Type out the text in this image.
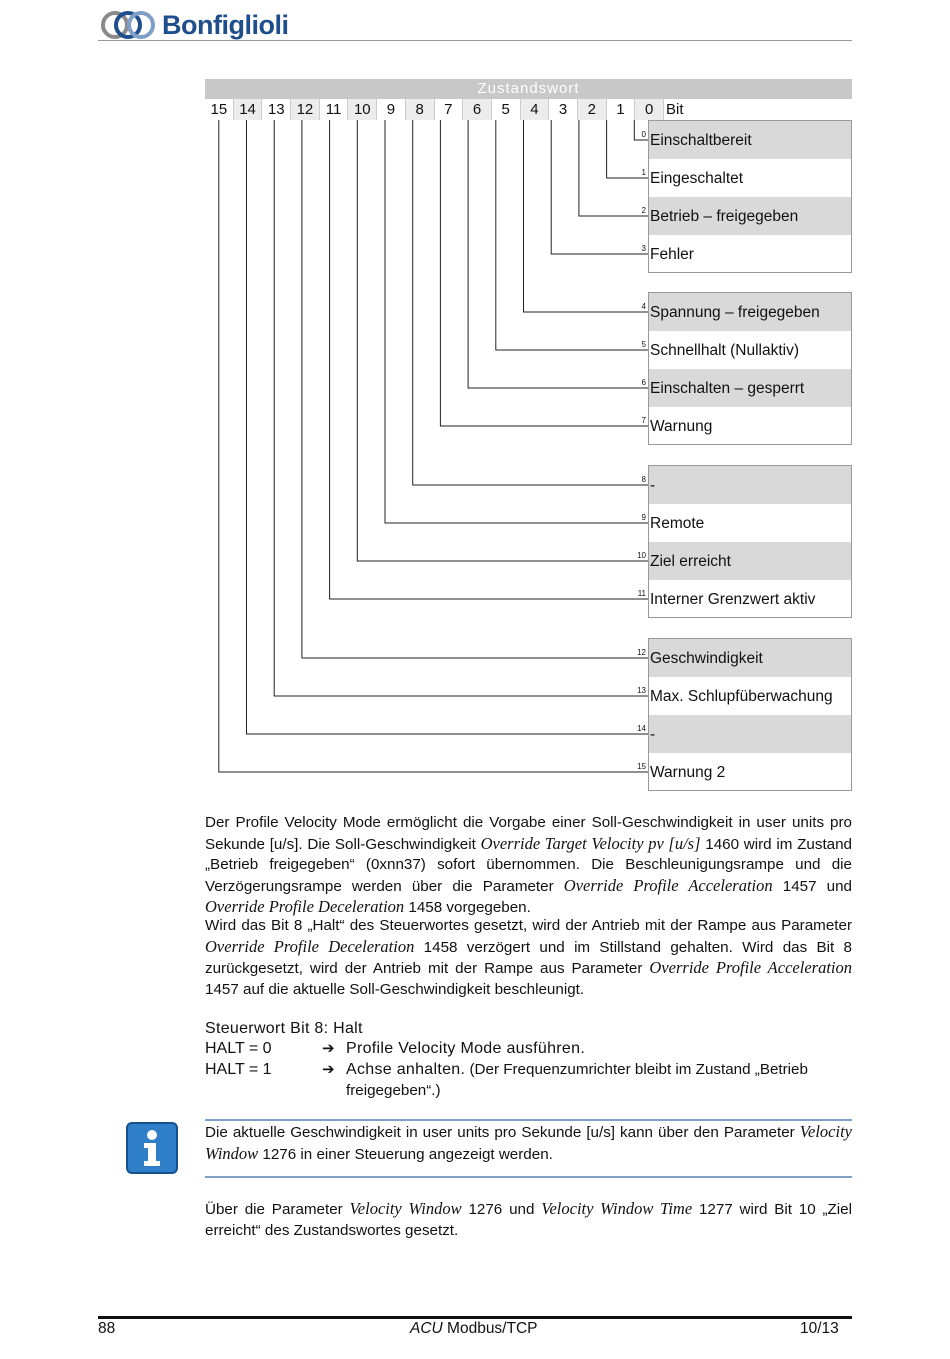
Bonfiglioli
Zustandswort
15 14 13 12 11 10	9	8	7	6	5	4	3	2	1	0 Bit
Einschaltbereit
0
Eingeschaltet
1
Betrieb – freigegeben
2
Fehler
3
Spannung – freigegeben
4
Schnellhalt (Nullaktiv)
5
Einschalten – gesperrt
6
Warnung
7
-
8
Remote
9
Ziel erreicht
10
Interner Grenzwert aktiv
11
Geschwindigkeit
12
Max. Schlupfüberwachung
13
-
14
Warnung 2
15
Der Profile Velocity Mode ermöglicht die Vorgabe einer Soll-Geschwindigkeit in user units pro Sekunde [u/s]. Die Soll-Geschwindigkeit Override Target Velocity pv [u/s] 1460 wird im Zustand „Betrieb freigegeben“ (0xnn37) sofort übernommen. Die Beschleunigungsrampe und die Verzögerungsrampe werden über die Parameter Override Profile Acceleration 1457 und Override Profile Deceleration 1458 vorgegeben.
Wird das Bit 8 „Halt“ des Steuerwortes gesetzt, wird der Antrieb mit der Rampe aus Parameter Override Profile Deceleration 1458 verzögert und im Stillstand gehalten. Wird das Bit 8 zurückgesetzt, wird der Antrieb mit der Rampe aus Parameter Override Profile Acceleration 1457 auf die aktuelle Soll-Geschwindigkeit beschleunigt.
Steuerwort Bit 8: Halt
HALT = 0	➔ Profile Velocity Mode ausführen.
HALT = 1	➔ Achse anhalten. (Der Frequenzumrichter bleibt im Zustand „Betrieb freigegeben“.)
Die aktuelle Geschwindigkeit in user units pro Sekunde [u/s] kann über den Parameter Velocity Window 1276 in einer Steuerung angezeigt werden.
Über die Parameter Velocity Window 1276 und Velocity Window Time 1277 wird Bit 10 „Ziel erreicht“ des Zustandswortes gesetzt.
88	ACU Modbus/TCP	10/13
